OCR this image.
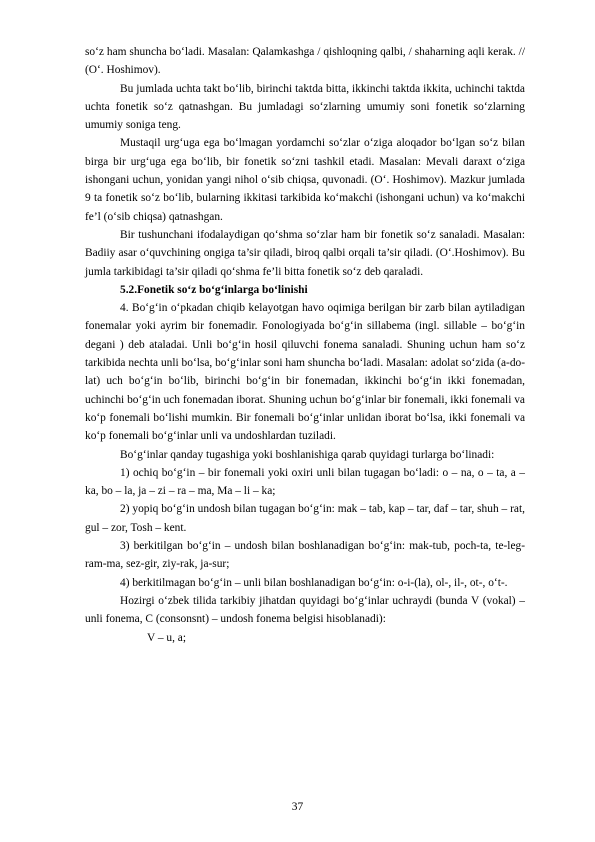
so‘z ham shuncha bo‘ladi. Masalan: Qalamkashga / qishloqning qalbi, / shaharning aqli kerak. // (O‘. Hoshimov).

Bu jumlada uchta takt bo‘lib, birinchi taktda bitta, ikkinchi taktda ikkita, uchinchi taktda uchta fonetik so‘z qatnashgan. Bu jumladagi so‘zlarning umumiy soni fonetik so‘zlarning umumiy soniga teng.

Mustaqil urg‘uga ega bo‘lmagan yordamchi so‘zlar o‘ziga aloqador bo‘lgan so‘z bilan birga bir urg‘uga ega bo‘lib, bir fonetik so‘zni tashkil etadi. Masalan: Mevali daraxt o‘ziga ishongani uchun, yonidan yangi nihol o‘sib chiqsa, quvonadi. (O‘. Hoshimov). Mazkur jumlada 9 ta fonetik so‘z bo‘lib, bularning ikkitasi tarkibida ko‘makchi (ishongani uchun) va ko‘makchi fe’l (o‘sib chiqsa) qatnashgan.

Bir tushunchani ifodalaydigan qo‘shma so‘zlar ham bir fonetik so‘z sanaladi. Masalan: Badiiy asar o‘quvchining ongiga ta’sir qiladi, biroq qalbi orqali ta’sir qiladi. (O‘.Hoshimov). Bu jumla tarkibidagi ta’sir qiladi qo‘shma fe’li bitta fonetik so‘z deb qaraladi.

5.2.Fonetik so‘z bo‘g‘inlarga bo‘linishi

4. Bo‘g‘in o‘pkadan chiqib kelayotgan havo oqimiga berilgan bir zarb bilan aytiladigan fonemalar yoki ayrim bir fonemadir. Fonologiyada bo‘g‘in sillabema (ingl. sillable – bo‘g‘in degani ) deb ataladai. Unli bo‘g‘in hosil qiluvchi fonema sanaladi. Shuning uchun ham so‘z tarkibida nechta unli bo‘lsa, bo‘g‘inlar soni ham shuncha bo‘ladi. Masalan: adolat so‘zida (a-do-lat) uch bo‘g‘in bo‘lib, birinchi bo‘g‘in bir fonemadan, ikkinchi bo‘g‘in ikki fonemadan, uchinchi bo‘g‘in uch fonemadan iborat. Shuning uchun bo‘g‘inlar bir fonemali, ikki fonemali va ko‘p fonemali bo‘lishi mumkin. Bir fonemali bo‘g‘inlar unlidan iborat bo‘lsa, ikki fonemali va ko‘p fonemali bo‘g‘inlar unli va undoshlardan tuziladi.

Bo‘g‘inlar qanday tugashiga yoki boshlanishiga qarab quyidagi turlarga bo‘linadi:

1) ochiq bo‘g‘in – bir fonemali yoki oxiri unli bilan tugagan bo‘ladi: o – na, o – ta, a – ka, bo – la, ja – zi – ra – ma, Ma – li – ka;

2) yopiq bo‘g‘in undosh bilan tugagan bo‘g‘in: mak – tab, kap – tar, daf – tar, shuh – rat, gul – zor, Tosh – kent.

3) berkitilgan bo‘g‘in – undosh bilan boshlanadigan bo‘g‘in: mak-tub, poch-ta, te-leg-ram-ma, sez-gir, ziy-rak, ja-sur;

4) berkitilmagan bo‘g‘in – unli bilan boshlanadigan bo‘g‘in: o-i-(la), ol-, il-, ot-, o‘t-.

Hozirgi o‘zbek tilida tarkibiy jihatdan quyidagi bo‘g‘inlar uchraydi (bunda V (vokal) – unli fonema, C (consonsnt) – undosh fonema belgisi hisoblanadi):

V – u, a;

37
